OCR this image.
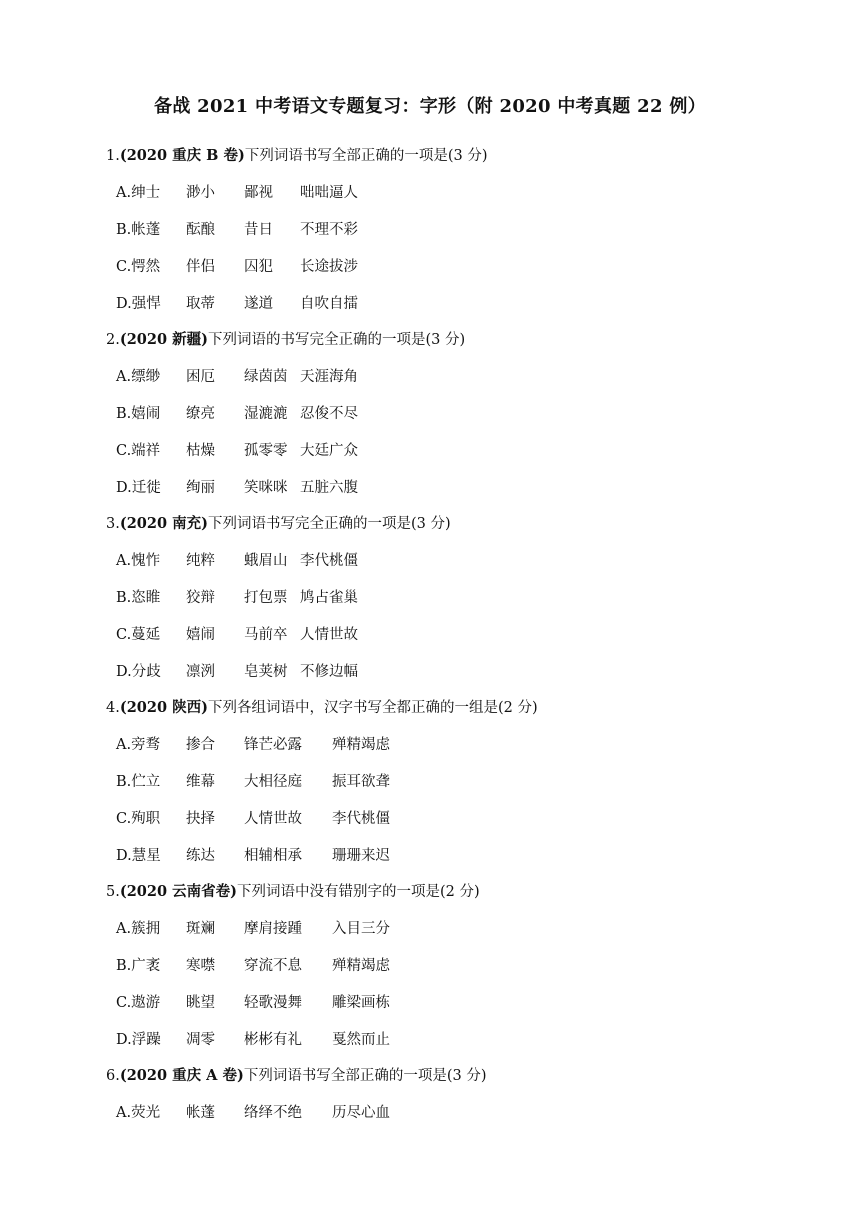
备战 2021 中考语文专题复习：字形（附 2020 中考真题 22 例）
1.(2020 重庆 B 卷)下列词语书写全部正确的一项是(3 分)
A.绅士 渺小 鄙视 咄咄逼人
B.帐蓬 酝酿 昔日 不理不彩
C.愕然 伴侣 囚犯 长途拔涉
D.强悍 取蒂 遂道 自吹自擂
2.(2020 新疆)下列词语的书写完全正确的一项是(3 分)
A.缥缈 困厄 绿茵茵 天涯海角
B.嬉闹 缭亮 湿漉漉 忍俊不尽
C.端祥 枯燥 孤零零 大廷广众
D.迁徙 绚丽 笑咪咪 五脏六腹
3.(2020 南充)下列词语书写完全正确的一项是(3 分)
A.愧怍 纯粹 蛾眉山 李代桃僵
B.恣睢 狡辩 打包票 鸠占雀巢
C.蔓延 嬉闹 马前卒 人情世故
D.分歧 凛洌 皂荚树 不修边幅
4.(2020 陕西)下列各组词语中，汉字书写全都正确的一组是(2 分)
A.旁骛 掺合 锋芒必露 殚精竭虑
B.伫立 维幕 大相径庭 振耳欲聋
C.殉职 抉择 人情世故 李代桃僵
D.慧星 练达 相辅相承 珊珊来迟
5.(2020 云南省卷)下列词语中没有错别字的一项是(2 分)
A.簇拥 斑斓 摩肩接踵 入目三分
B.广袤 寒噤 穿流不息 殚精竭虑
C.遨游 眺望 轻歌漫舞 雕梁画栋
D.浮躁 凋零 彬彬有礼 戛然而止
6.(2020 重庆 A 卷)下列词语书写全部正确的一项是(3 分)
A.荧光 帐蓬 络绎不绝 历尽心血
